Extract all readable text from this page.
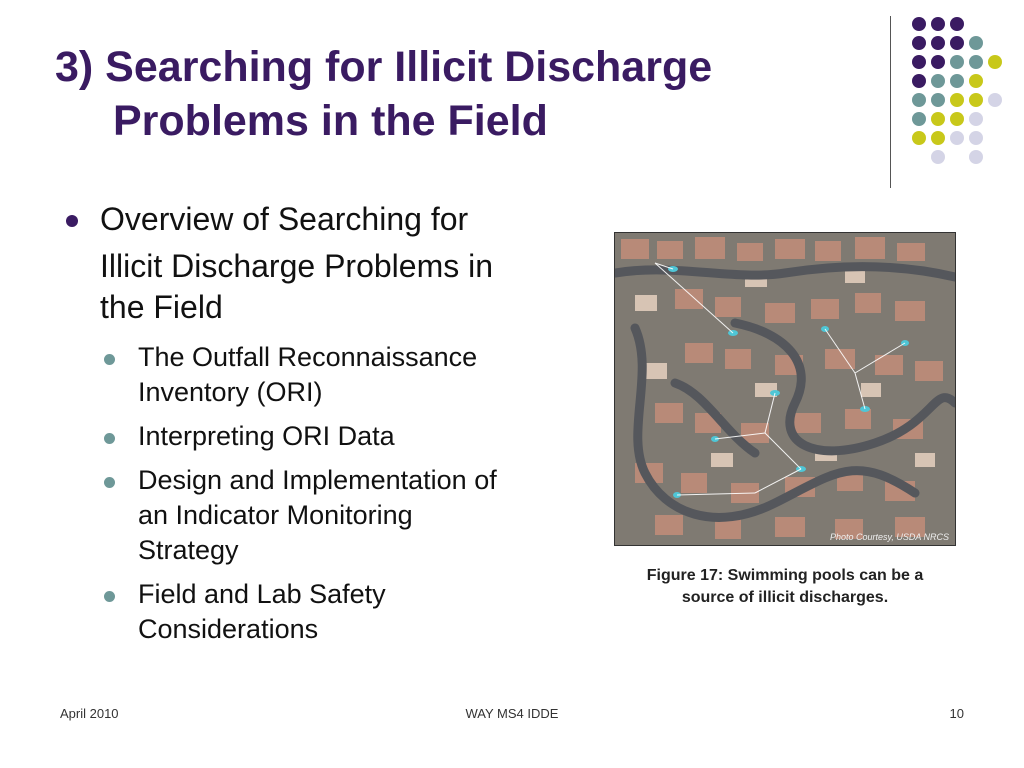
3) Searching for Illicit Discharge
Problems in the Field
Overview of Searching for
Illicit Discharge Problems in
the Field
The Outfall Reconnaissance
Inventory (ORI)
Interpreting ORI Data
Design and Implementation of
an Indicator Monitoring
Strategy
Field and Lab Safety
Considerations
Photo Courtesy, USDA NRCS
Figure 17: Swimming pools can be a
source of illicit discharges.
April 2010	WAY MS4 IDDE	10
